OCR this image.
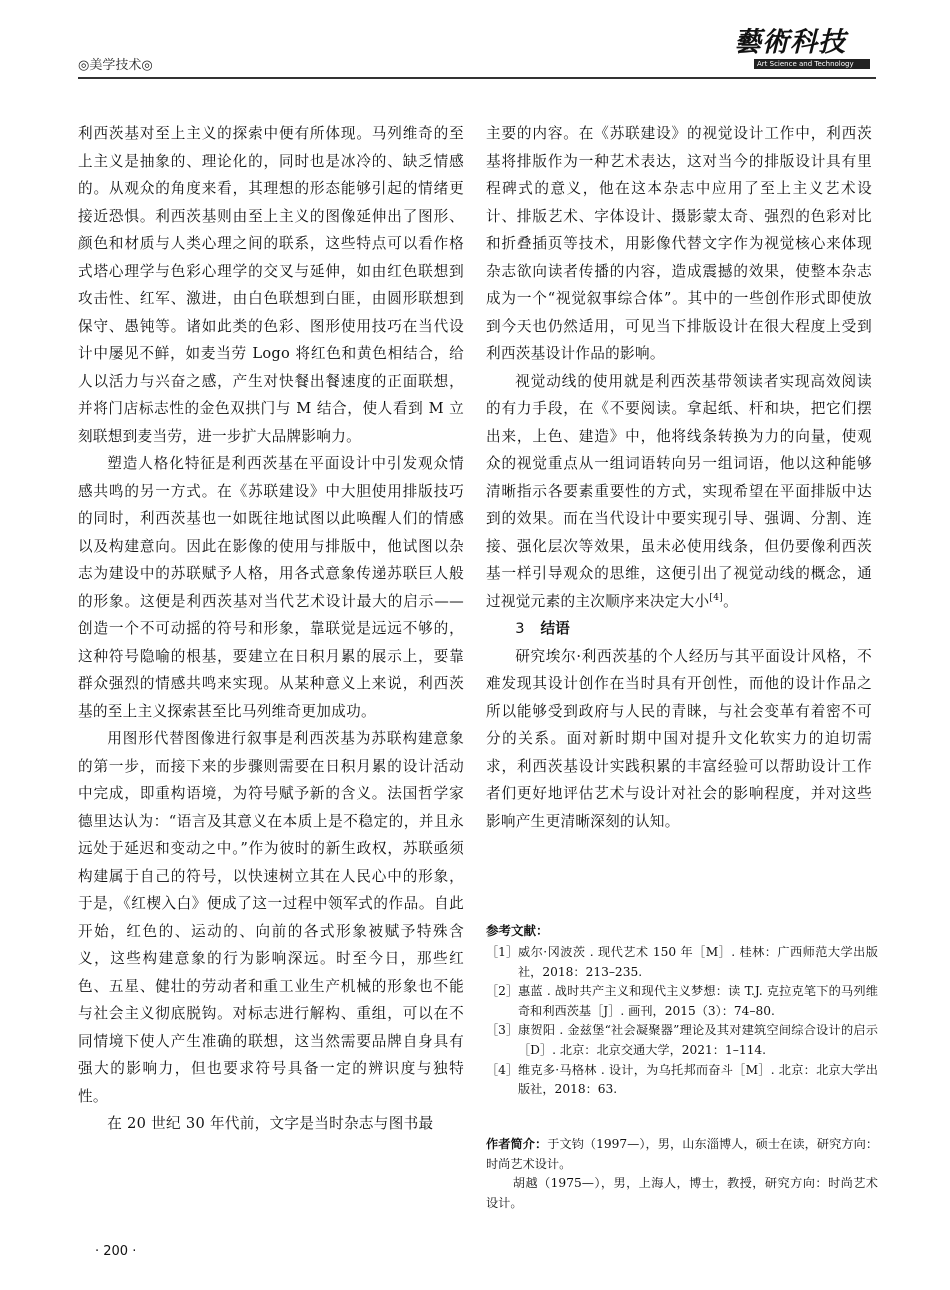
◎美学技术◎
藝術科技
Art Science and Technology

利西茨基对至上主义的探索中便有所体现。马列维奇的至上主义是抽象的、理论化的，同时也是冰冷的、缺乏情感的。从观众的角度来看，其理想的形态能够引起的情绪更接近恐惧。利西茨基则由至上主义的图像延伸出了图形、颜色和材质与人类心理之间的联系，这些特点可以看作格式塔心理学与色彩心理学的交叉与延伸，如由红色联想到攻击性、红军、激进，由白色联想到白匪，由圆形联想到保守、愚钝等。诸如此类的色彩、图形使用技巧在当代设计中屡见不鲜，如麦当劳 Logo 将红色和黄色相结合，给人以活力与兴奋之感，产生对快餐出餐速度的正面联想，并将门店标志性的金色双拱门与 M 结合，使人看到 M 立刻联想到麦当劳，进一步扩大品牌影响力。

塑造人格化特征是利西茨基在平面设计中引发观众情感共鸣的另一方式。在《苏联建设》中大胆使用排版技巧的同时，利西茨基也一如既往地试图以此唤醒人们的情感以及构建意向。因此在影像的使用与排版中，他试图以杂志为建设中的苏联赋予人格，用各式意象传递苏联巨人般的形象。这便是利西茨基对当代艺术设计最大的启示——创造一个不可动摇的符号和形象，靠联觉是远远不够的，这种符号隐喻的根基，要建立在日积月累的展示上，要靠群众强烈的情感共鸣来实现。从某种意义上来说，利西茨基的至上主义探索甚至比马列维奇更加成功。

用图形代替图像进行叙事是利西茨基为苏联构建意象的第一步，而接下来的步骤则需要在日积月累的设计活动中完成，即重构语境，为符号赋予新的含义。法国哲学家德里达认为：“语言及其意义在本质上是不稳定的，并且永远处于延迟和变动之中。”作为彼时的新生政权，苏联亟须构建属于自己的符号，以快速树立其在人民心中的形象，于是，《红楔入白》便成了这一过程中领军式的作品。自此开始，红色的、运动的、向前的各式形象被赋予特殊含义，这些构建意象的行为影响深远。时至今日，那些红色、五星、健壮的劳动者和重工业生产机械的形象也不能与社会主义彻底脱钩。对标志进行解构、重组，可以在不同情境下使人产生准确的联想，这当然需要品牌自身具有强大的影响力，但也要求符号具备一定的辨识度与独特性。

在 20 世纪 30 年代前，文字是当时杂志与图书最

主要的内容。在《苏联建设》的视觉设计工作中，利西茨基将排版作为一种艺术表达，这对当今的排版设计具有里程碑式的意义，他在这本杂志中应用了至上主义艺术设计、排版艺术、字体设计、摄影蒙太奇、强烈的色彩对比和折叠插页等技术，用影像代替文字作为视觉核心来体现杂志欲向读者传播的内容，造成震撼的效果，使整本杂志成为一个“视觉叙事综合体”。其中的一些创作形式即使放到今天也仍然适用，可见当下排版设计在很大程度上受到利西茨基设计作品的影响。

视觉动线的使用就是利西茨基带领读者实现高效阅读的有力手段，在《不要阅读。拿起纸、杆和块，把它们摆出来，上色、建造》中，他将线条转换为力的向量，使观众的视觉重点从一组词语转向另一组词语，他以这种能够清晰指示各要素重要性的方式，实现希望在平面排版中达到的效果。而在当代设计中要实现引导、强调、分割、连接、强化层次等效果，虽未必使用线条，但仍要像利西茨基一样引导观众的思维，这便引出了视觉动线的概念，通过视觉元素的主次顺序来决定大小[4]。

3 结语

研究埃尔·利西茨基的个人经历与其平面设计风格，不难发现其设计创作在当时具有开创性，而他的设计作品之所以能够受到政府与人民的青睐，与社会变革有着密不可分的关系。面对新时期中国对提升文化软实力的迫切需求，利西茨基设计实践积累的丰富经验可以帮助设计工作者们更好地评估艺术与设计对社会的影响程度，并对这些影响产生更清晰深刻的认知。

参考文献：

［1］ 威尔·冈波茨 . 现代艺术 150 年［M］. 桂林：广西师范大学出版社，2018：213–235.
［2］ 惠蓝 . 战时共产主义和现代主义梦想：读 T.J. 克拉克笔下的马列维奇和利西茨基［J］. 画刊，2015（3）：74–80.
［3］ 康贺阳 . 金兹堡“社会凝聚器”理论及其对建筑空间综合设计的启示［D］. 北京：北京交通大学，2021：1–114.
［4］ 维克多·马格林 . 设计，为乌托邦而奋斗［M］. 北京：北京大学出版社，2018：63.

作者简介：于文钧（1997—），男，山东淄博人，硕士在读，研究方向：时尚艺术设计。

胡越（1975—），男，上海人，博士，教授，研究方向：时尚艺术设计。

· 200 ·
